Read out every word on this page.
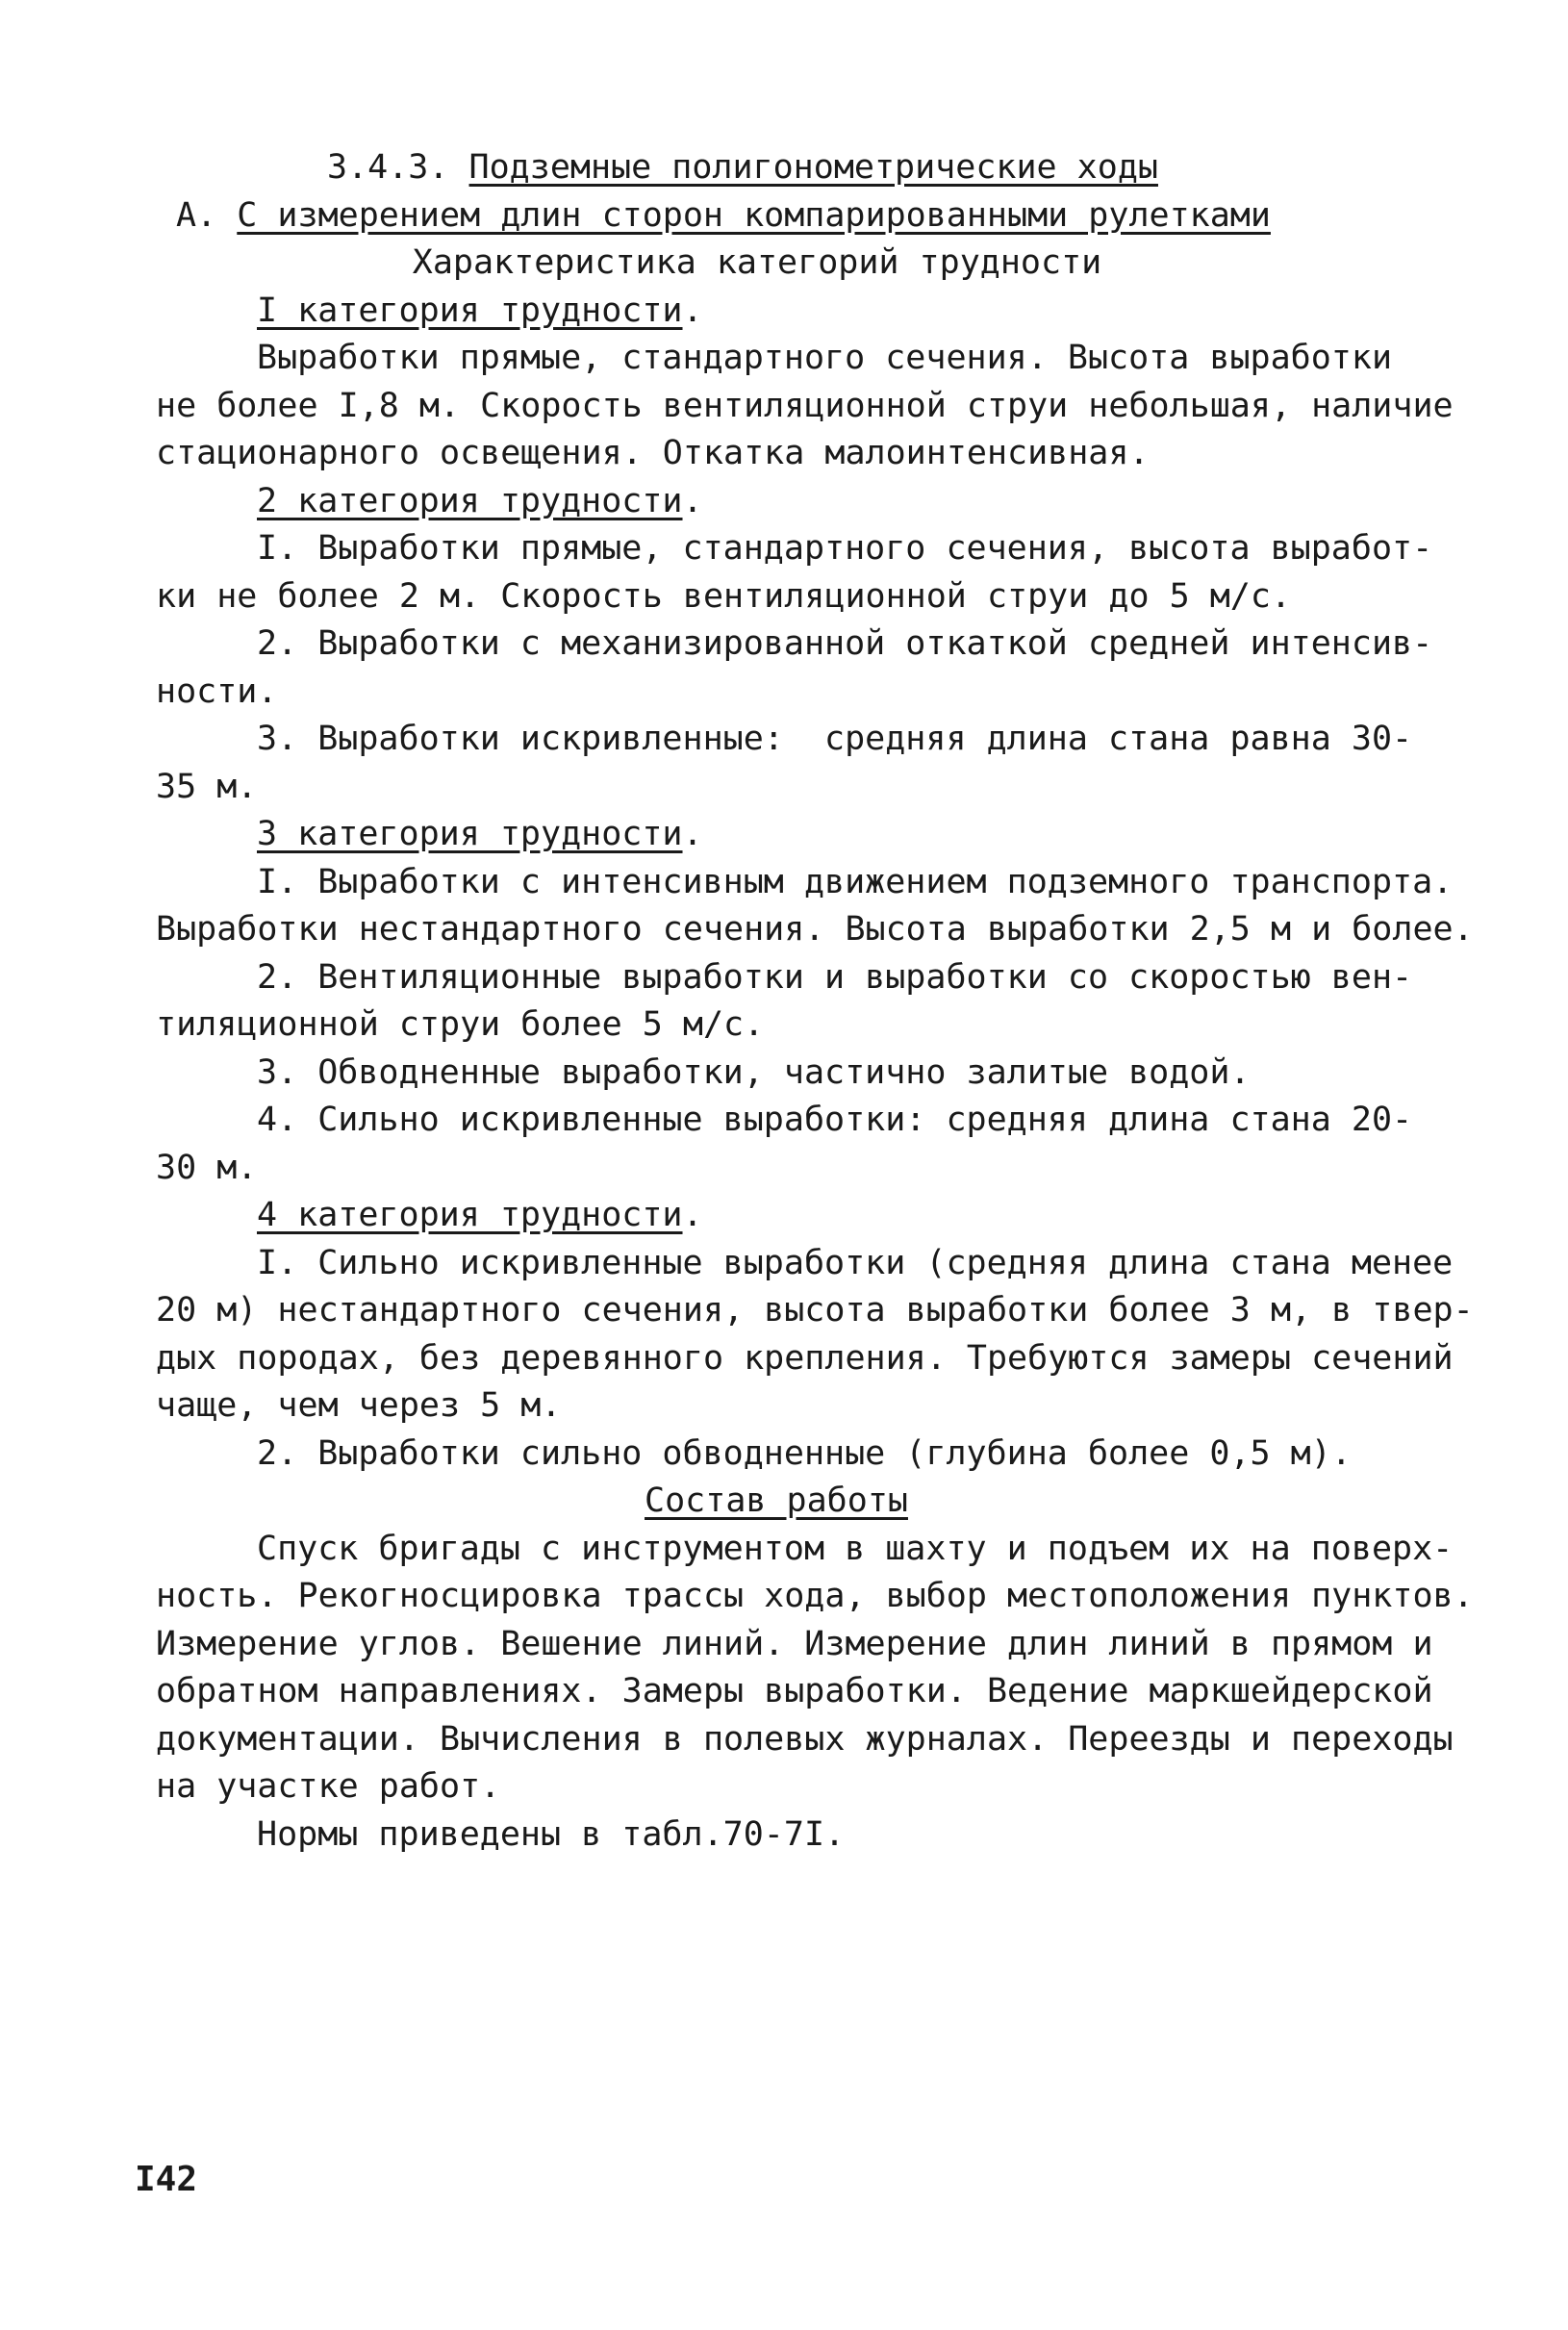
3.4.3. Подземные полигонометрические ходы
А. С измерением длин сторон компарированными рулетками
Характеристика категорий трудности
I категория трудности.
Выработки прямые, стандартного сечения. Высота выработки
не более I,8 м. Скорость вентиляционной струи небольшая, наличие
стационарного освещения. Откатка малоинтенсивная.
2 категория трудности.
I. Выработки прямые, стандартного сечения, высота выработ-
ки не более 2 м. Скорость вентиляционной струи до 5 м/с.
2. Выработки с механизированной откаткой средней интенсив-
ности.
3. Выработки искривленные:  средняя длина стана равна 30-
35 м.
3 категория трудности.
I. Выработки с интенсивным движением подземного транспорта.
Выработки нестандартного сечения. Высота выработки 2,5 м и более.
2. Вентиляционные выработки и выработки со скоростью вен-
тиляционной струи более 5 м/с.
3. Обводненные выработки, частично залитые водой.
4. Сильно искривленные выработки: средняя длина стана 20-
30 м.
4 категория трудности.
I. Сильно искривленные выработки (средняя длина стана менее
20 м) нестандартного сечения, высота выработки более 3 м, в твер-
дых породах, без деревянного крепления. Требуются замеры сечений
чаще, чем через 5 м.
2. Выработки сильно обводненные (глубина более 0,5 м).
Состав работы
Спуск бригады с инструментом в шахту и подъем их на поверх-
ность. Рекогносцировка трассы хода, выбор местоположения пунктов.
Измерение углов. Вешение линий. Измерение длин линий в прямом и
обратном направлениях. Замеры выработки. Ведение маркшейдерской
документации. Вычисления в полевых журналах. Переезды и переходы
на участке работ.
Нормы приведены в табл.70-7I.
I42
